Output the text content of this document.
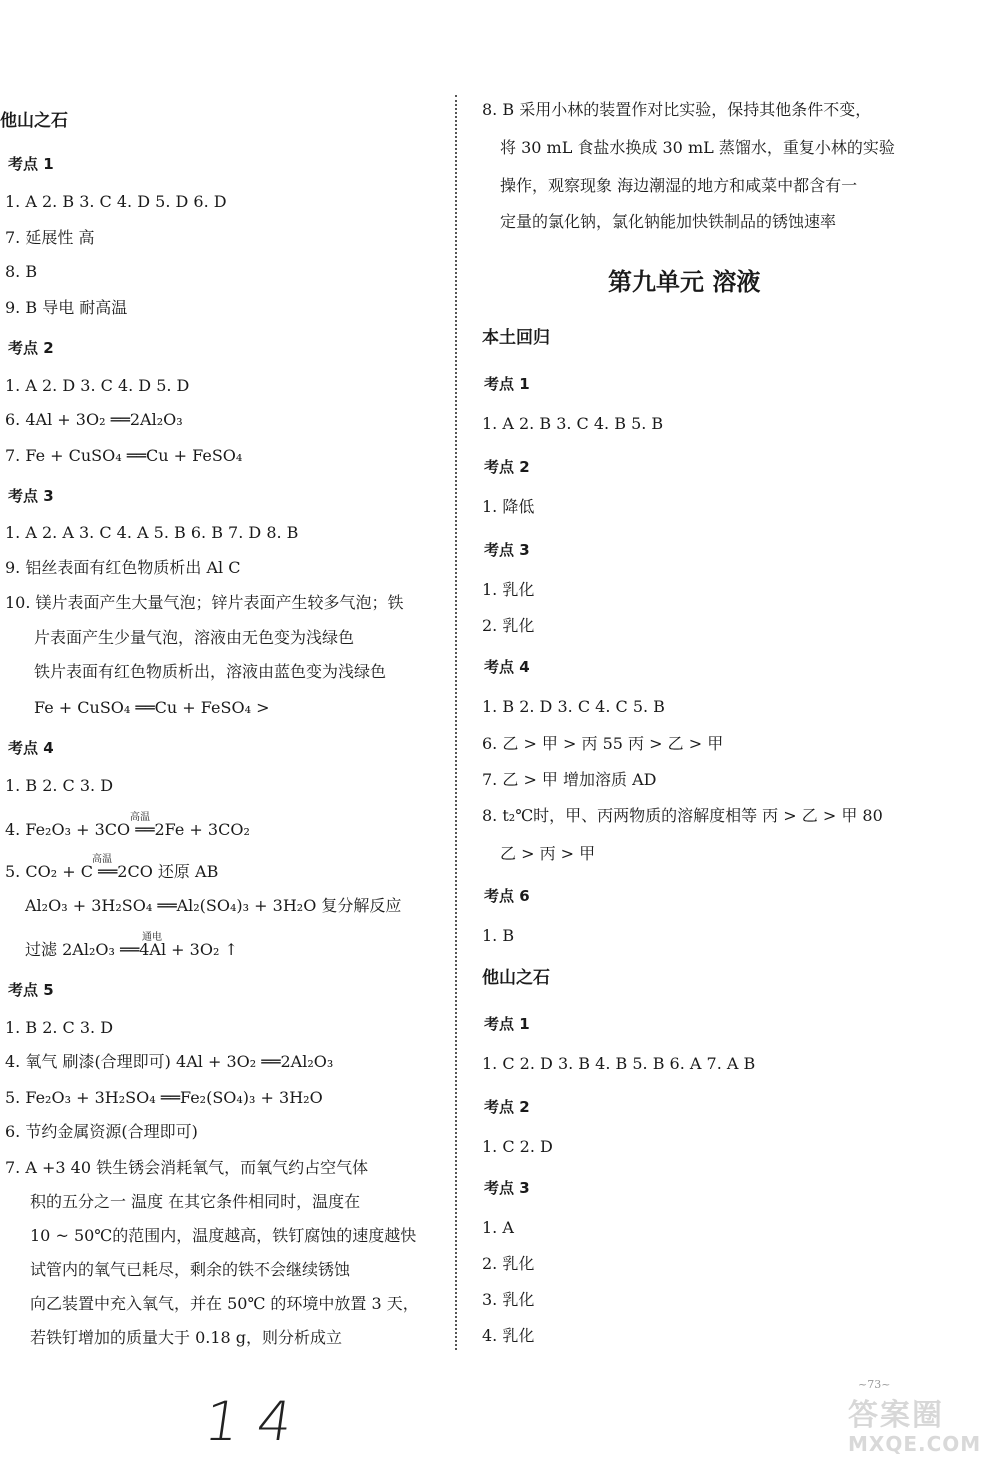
他山之石
考点 1
1. A 2. B 3. C 4. D 5. D 6. D
7. 延展性 高
8. B
9. B 导电 耐高温
考点 2
1. A 2. D 3. C 4. D 5. D
6. 4Al + 3O₂ ══2Al₂O₃
7. Fe + CuSO₄ ══Cu + FeSO₄
考点 3
1. A 2. A 3. C 4. A 5. B 6. B 7. D 8. B
9. 铝丝表面有红色物质析出 Al C
10. 镁片表面产生大量气泡；锌片表面产生较多气泡；铁
片表面产生少量气泡，溶液由无色变为浅绿色
铁片表面有红色物质析出，溶液由蓝色变为浅绿色
Fe + CuSO₄ ══Cu + FeSO₄ >
考点 4
1. B 2. C 3. D
4. Fe₂O₃ + 3CO ══2Fe + 3CO₂
高温
5. CO₂ + C ══2CO 还原 AB
高温
Al₂O₃ + 3H₂SO₄ ══Al₂(SO₄)₃ + 3H₂O 复分解反应
过滤 2Al₂O₃ ══4Al + 3O₂ ↑
通电
考点 5
1. B 2. C 3. D
4. 氧气 刷漆(合理即可) 4Al + 3O₂ ══2Al₂O₃
5. Fe₂O₃ + 3H₂SO₄ ══Fe₂(SO₄)₃ + 3H₂O
6. 节约金属资源(合理即可)
7. A +3 40 铁生锈会消耗氧气，而氧气约占空气体
积的五分之一 温度 在其它条件相同时，温度在
10 ~ 50℃的范围内，温度越高，铁钉腐蚀的速度越快
试管内的氧气已耗尽，剩余的铁不会继续锈蚀
向乙装置中充入氧气，并在 50℃ 的环境中放置 3 天，
若铁钉增加的质量大于 0.18 g，则分析成立
8. B 采用小林的装置作对比实验，保持其他条件不变，
将 30 mL 食盐水换成 30 mL 蒸馏水，重复小林的实验
操作，观察现象 海边潮湿的地方和咸菜中都含有一
定量的氯化钠，氯化钠能加快铁制品的锈蚀速率
第九单元 溶液
本土回归
考点 1
1. A 2. B 3. C 4. B 5. B
考点 2
1. 降低
考点 3
1. 乳化
2. 乳化
考点 4
1. B 2. D 3. C 4. C 5. B
6. 乙 > 甲 > 丙 55 丙 > 乙 > 甲
7. 乙 > 甲 增加溶质 AD
8. t₂℃时，甲、丙两物质的溶解度相等 丙 > 乙 > 甲 80
乙 > 丙 > 甲
考点 6
1. B
他山之石
考点 1
1. C 2. D 3. B 4. B 5. B 6. A 7. A B
考点 2
1. C 2. D
考点 3
1. A
2. 乳化
3. 乳化
4. 乳化
14
~73~
答案圈
MXQE.COM
